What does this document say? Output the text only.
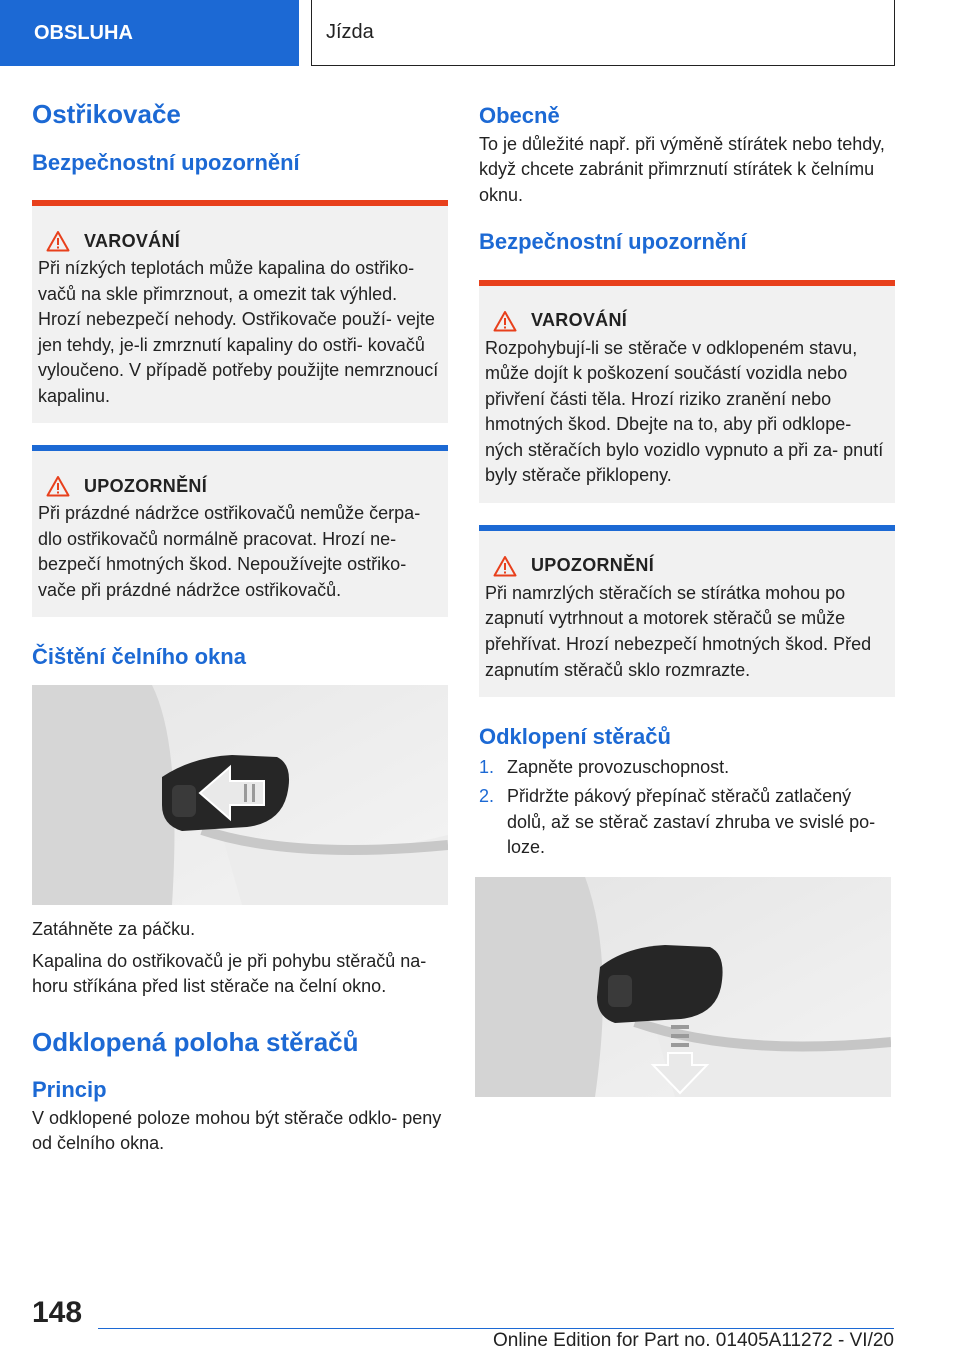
OBSLUHA	Jízda
Ostřikovače
Bezpečnostní upozornění
VAROVÁNÍ

Při nízkých teplotách může kapalina do ostřiko- vačů na skle přimrznout, a omezit tak výhled. Hrozí nebezpečí nehody. Ostřikovače použí- vejte jen tehdy, je-li zmrznutí kapaliny do ostři- kovačů vyloučeno. V případě potřeby použijte nemrznoucí kapalinu.

UPOZORNĚNÍ

Při prázdné nádržce ostřikovačů nemůže čerpa- dlo ostřikovačů normálně pracovat. Hrozí ne- bezpečí hmotných škod. Nepoužívejte ostřiko- vače při prázdné nádržce ostřikovačů.

Čištění čelního okna

Zatáhněte za páčku.

Kapalina do ostřikovačů je při pohybu stěračů na- horu stříkána před list stěrače na čelní okno.

Odklopená poloha stěračů
Princip

V odklopené poloze mohou být stěrače odklo- peny od čelního okna.

Obecně

To je důležité např. při výměně stírátek nebo tehdy, když chcete zabránit přimrznutí stírátek k čelnímu oknu.

Bezpečnostní upozornění
VAROVÁNÍ

Rozpohybují-li se stěrače v odklopeném stavu, může dojít k poškození součástí vozidla nebo přivření části těla. Hrozí riziko zranění nebo hmotných škod. Dbejte na to, aby při odklope- ných stěračích bylo vozidlo vypnuto a při za- pnutí byly stěrače přiklopeny.

UPOZORNĚNÍ

Při namrzlých stěračích se stírátka mohou po zapnutí vytrhnout a motorek stěračů se může přehřívat. Hrozí nebezpečí hmotných škod. Před zapnutím stěračů sklo rozmrazte.

Odklopení stěračů
1. Zapněte provozuschopnost.
2. Přidržte pákový přepínač stěračů zatlačený dolů, až se stěrač zastaví zhruba ve svislé po- loze.
148
Online Edition for Part no. 01405A11272 - VI/20
